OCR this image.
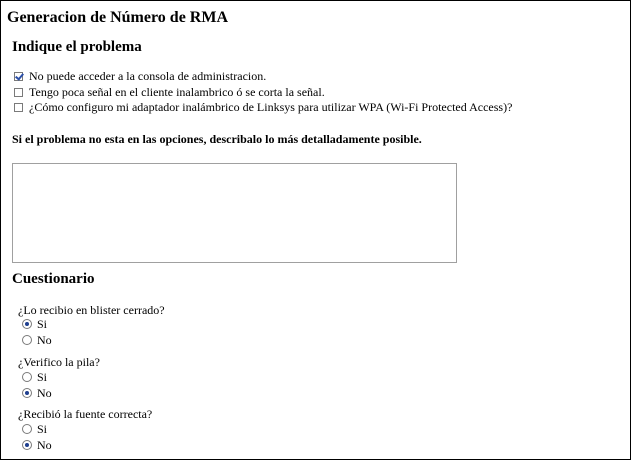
Generacion de Número de RMA
Indique el problema
No puede acceder a la consola de administracion.
Tengo poca señal en el cliente inalambrico ó se corta la señal.
¿Cómo configuro mi adaptador inalámbrico de Linksys para utilizar WPA (Wi-Fi Protected Access)?
Si el problema no esta en las opciones, describalo lo más detalladamente posible.
Cuestionario
¿Lo recibio en blister cerrado?
Si
No
¿Verifico la pila?
Si
No
¿Recibió la fuente correcta?
Si
No
